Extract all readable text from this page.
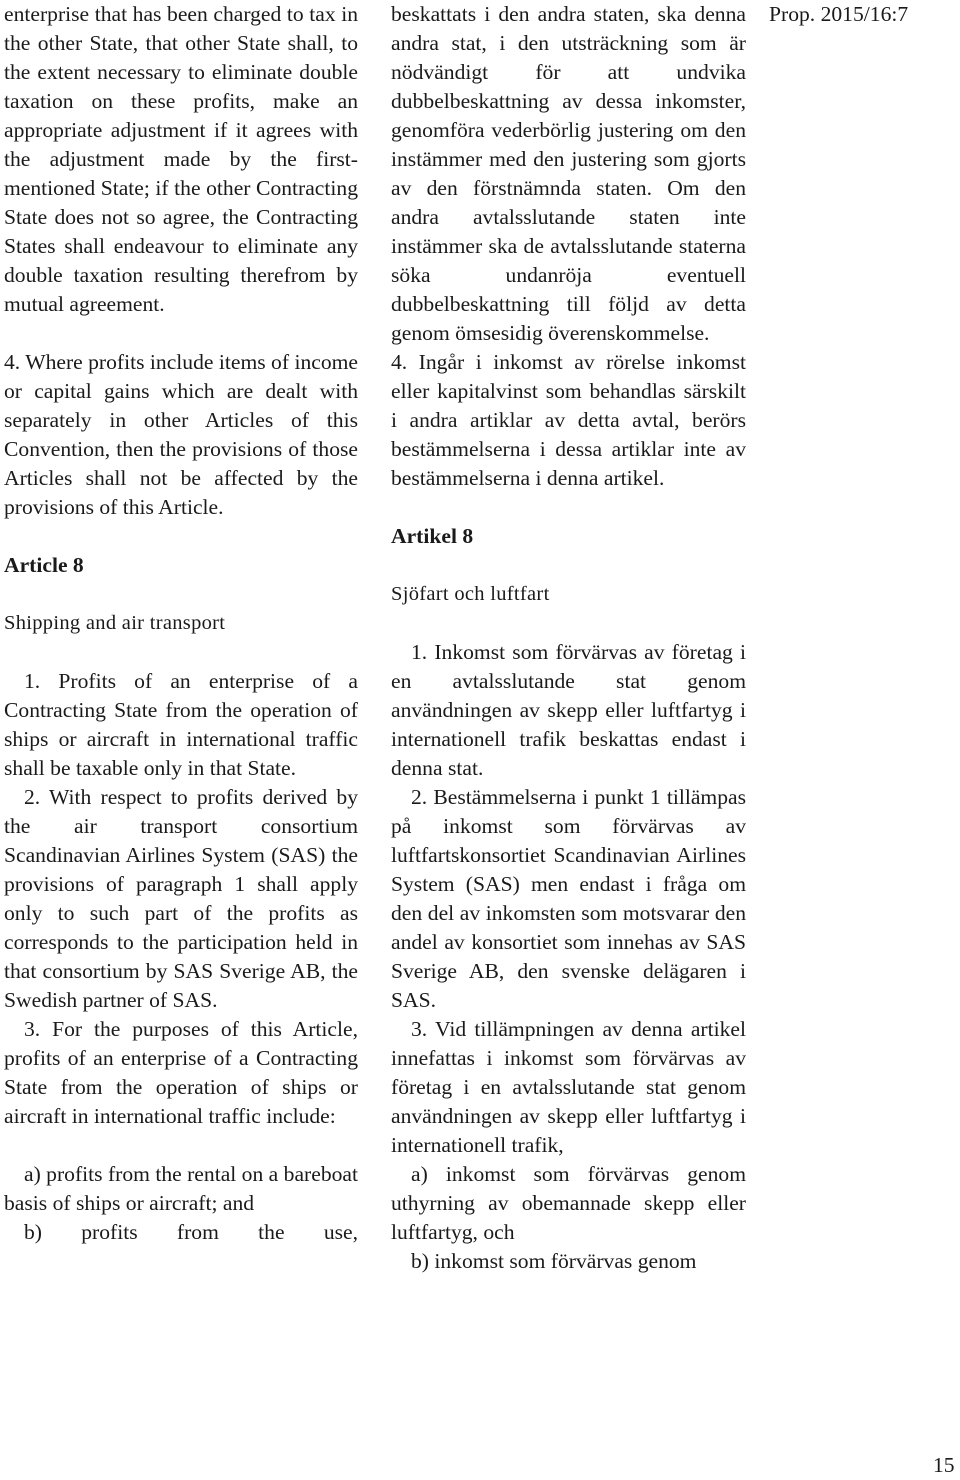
enterprise that has been charged to tax in the other State, that other State shall, to the extent necessary to eliminate double taxation on these profits, make an appropriate adjustment if it agrees with the adjustment made by the first-mentioned State; if the other Contracting State does not so agree, the Contracting States shall endeavour to eliminate any double taxation resulting therefrom by mutual agreement.

4. Where profits include items of income or capital gains which are dealt with separately in other Articles of this Convention, then the provisions of those Articles shall not be affected by the provisions of this Article.

Article 8

Shipping and air transport

1. Profits of an enterprise of a Contracting State from the operation of ships or aircraft in international traffic shall be taxable only in that State.

2. With respect to profits derived by the air transport consortium Scandinavian Airlines System (SAS) the provisions of paragraph 1 shall apply only to such part of the profits as corresponds to the participation held in that consortium by SAS Sverige AB, the Swedish partner of SAS.

3. For the purposes of this Article, profits of an enterprise of a Contracting State from the operation of ships or aircraft in international traffic include:

a) profits from the rental on a bareboat basis of ships or aircraft; and

b) profits from the use,

beskattats i den andra staten, ska denna andra stat, i den utsträckning som är nödvändigt för att undvika dubbelbeskattning av dessa inkomster, genomföra vederbörlig justering om den instämmer med den justering som gjorts av den förstnämnda staten. Om den andra avtalsslutande staten inte instämmer ska de avtalsslutande staterna söka undanröja eventuell dubbelbeskattning till följd av detta genom ömsesidig överenskommelse.

4. Ingår i inkomst av rörelse inkomst eller kapitalvinst som behandlas särskilt i andra artiklar av detta avtal, berörs bestämmelserna i dessa artiklar inte av bestämmelserna i denna artikel.

Artikel 8

Sjöfart och luftfart

1. Inkomst som förvärvas av företag i en avtalsslutande stat genom användningen av skepp eller luftfartyg i internationell trafik beskattas endast i denna stat.

2. Bestämmelserna i punkt 1 tillämpas på inkomst som förvärvas av luftfartskonsortiet Scandinavian Airlines System (SAS) men endast i fråga om den del av inkomsten som motsvarar den andel av konsortiet som innehas av SAS Sverige AB, den svenske delägaren i SAS.

3. Vid tillämpningen av denna artikel innefattas i inkomst som förvärvas av företag i en avtalsslutande stat genom användningen av skepp eller luftfartyg i internationell trafik,

a) inkomst som förvärvas genom uthyrning av obemannade skepp eller luftfartyg, och

b) inkomst som förvärvas genom

Prop. 2015/16:7
15
